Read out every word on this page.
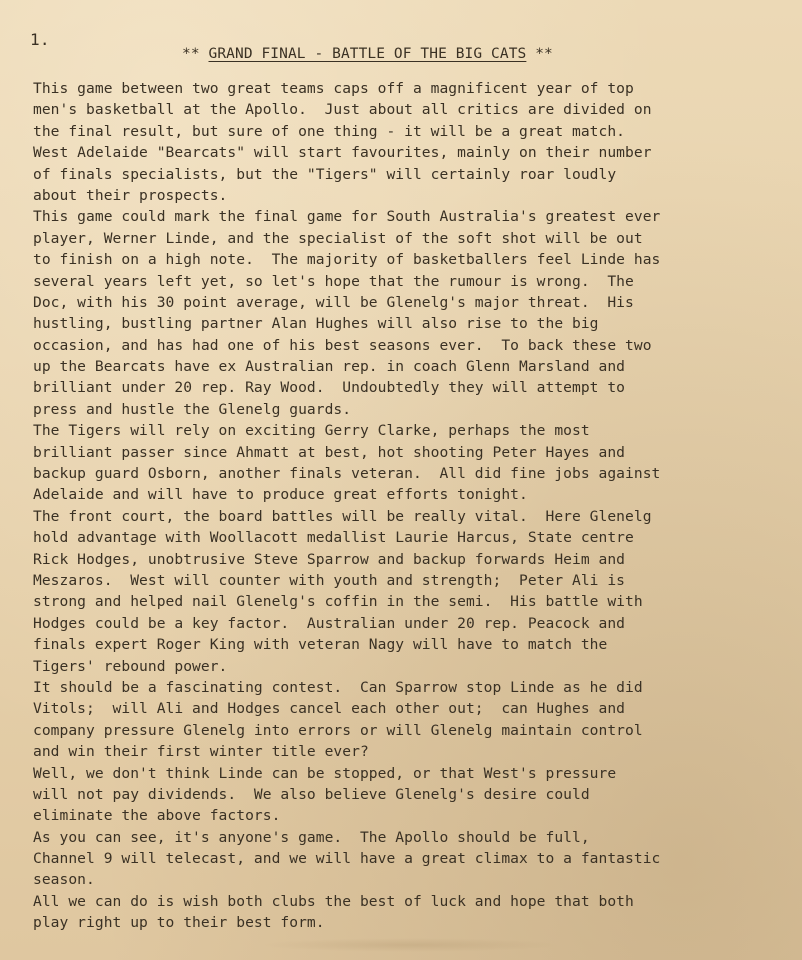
1.
** GRAND FINAL - BATTLE OF THE BIG CATS **
This game between two great teams caps off a magnificent year of top
men's basketball at the Apollo.  Just about all critics are divided on
the final result, but sure of one thing - it will be a great match.
West Adelaide "Bearcats" will start favourites, mainly on their number
of finals specialists, but the "Tigers" will certainly roar loudly
about their prospects.
This game could mark the final game for South Australia's greatest ever
player, Werner Linde, and the specialist of the soft shot will be out
to finish on a high note.  The majority of basketballers feel Linde has
several years left yet, so let's hope that the rumour is wrong.  The
Doc, with his 30 point average, will be Glenelg's major threat.  His
hustling, bustling partner Alan Hughes will also rise to the big
occasion, and has had one of his best seasons ever.  To back these two
up the Bearcats have ex Australian rep. in coach Glenn Marsland and
brilliant under 20 rep. Ray Wood.  Undoubtedly they will attempt to
press and hustle the Glenelg guards.
The Tigers will rely on exciting Gerry Clarke, perhaps the most
brilliant passer since Ahmatt at best, hot shooting Peter Hayes and
backup guard Osborn, another finals veteran.  All did fine jobs against
Adelaide and will have to produce great efforts tonight.
The front court, the board battles will be really vital.  Here Glenelg
hold advantage with Woollacott medallist Laurie Harcus, State centre
Rick Hodges, unobtrusive Steve Sparrow and backup forwards Heim and
Meszaros.  West will counter with youth and strength;  Peter Ali is
strong and helped nail Glenelg's coffin in the semi.  His battle with
Hodges could be a key factor.  Australian under 20 rep. Peacock and
finals expert Roger King with veteran Nagy will have to match the
Tigers' rebound power.
It should be a fascinating contest.  Can Sparrow stop Linde as he did
Vitols;  will Ali and Hodges cancel each other out;  can Hughes and
company pressure Glenelg into errors or will Glenelg maintain control
and win their first winter title ever?
Well, we don't think Linde can be stopped, or that West's pressure
will not pay dividends.  We also believe Glenelg's desire could
eliminate the above factors.
As you can see, it's anyone's game.  The Apollo should be full,
Channel 9 will telecast, and we will have a great climax to a fantastic
season.
All we can do is wish both clubs the best of luck and hope that both
play right up to their best form.
